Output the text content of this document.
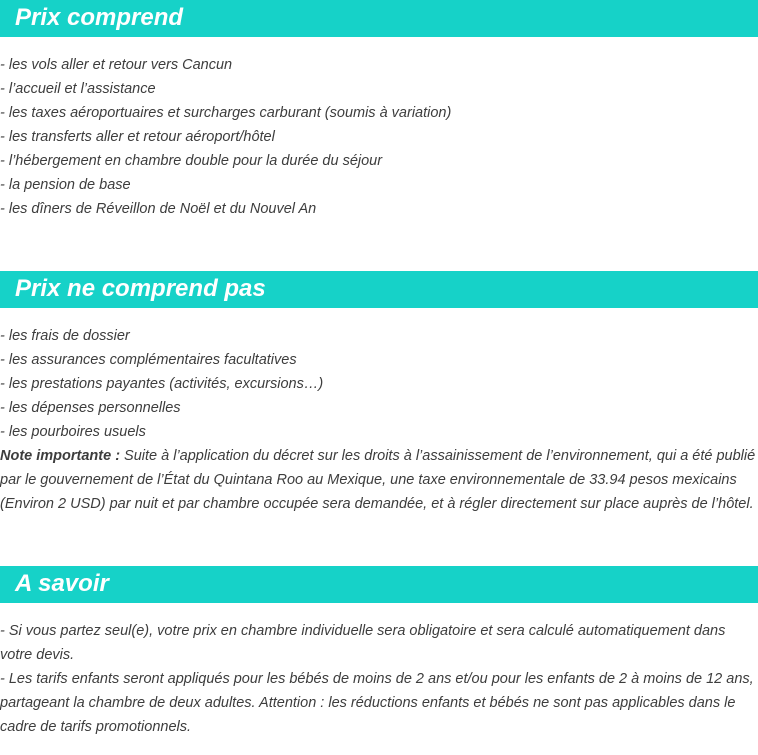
Prix comprend
- les vols aller et retour vers Cancun
- l’accueil et l’assistance
- les taxes aéroportuaires et surcharges carburant (soumis à variation)
- les transferts aller et retour aéroport/hôtel
- l’hébergement en chambre double pour la durée du séjour
- la pension de base
- les dîners de Réveillon de Noël et du Nouvel An
Prix ne comprend pas
- les frais de dossier
- les assurances complémentaires facultatives
- les prestations payantes (activités, excursions…)
- les dépenses personnelles
- les pourboires usuels
Note importante : Suite à l’application du décret sur les droits à l’assainissement de l’environnement, qui a été publié par le gouvernement de l’État du Quintana Roo au Mexique, une taxe environnementale de 33.94 pesos mexicains (Environ 2 USD) par nuit et par chambre occupée sera demandée, et à régler directement sur place auprès de l’hôtel.
A savoir
- Si vous partez seul(e), votre prix en chambre individuelle sera obligatoire et sera calculé automatiquement dans votre devis.
- Les tarifs enfants seront appliqués pour les bébés de moins de 2 ans et/ou pour les enfants de 2 à moins de 12 ans, partageant la chambre de deux adultes. Attention : les réductions enfants et bébés ne sont pas applicables dans le cadre de tarifs promotionnels.
